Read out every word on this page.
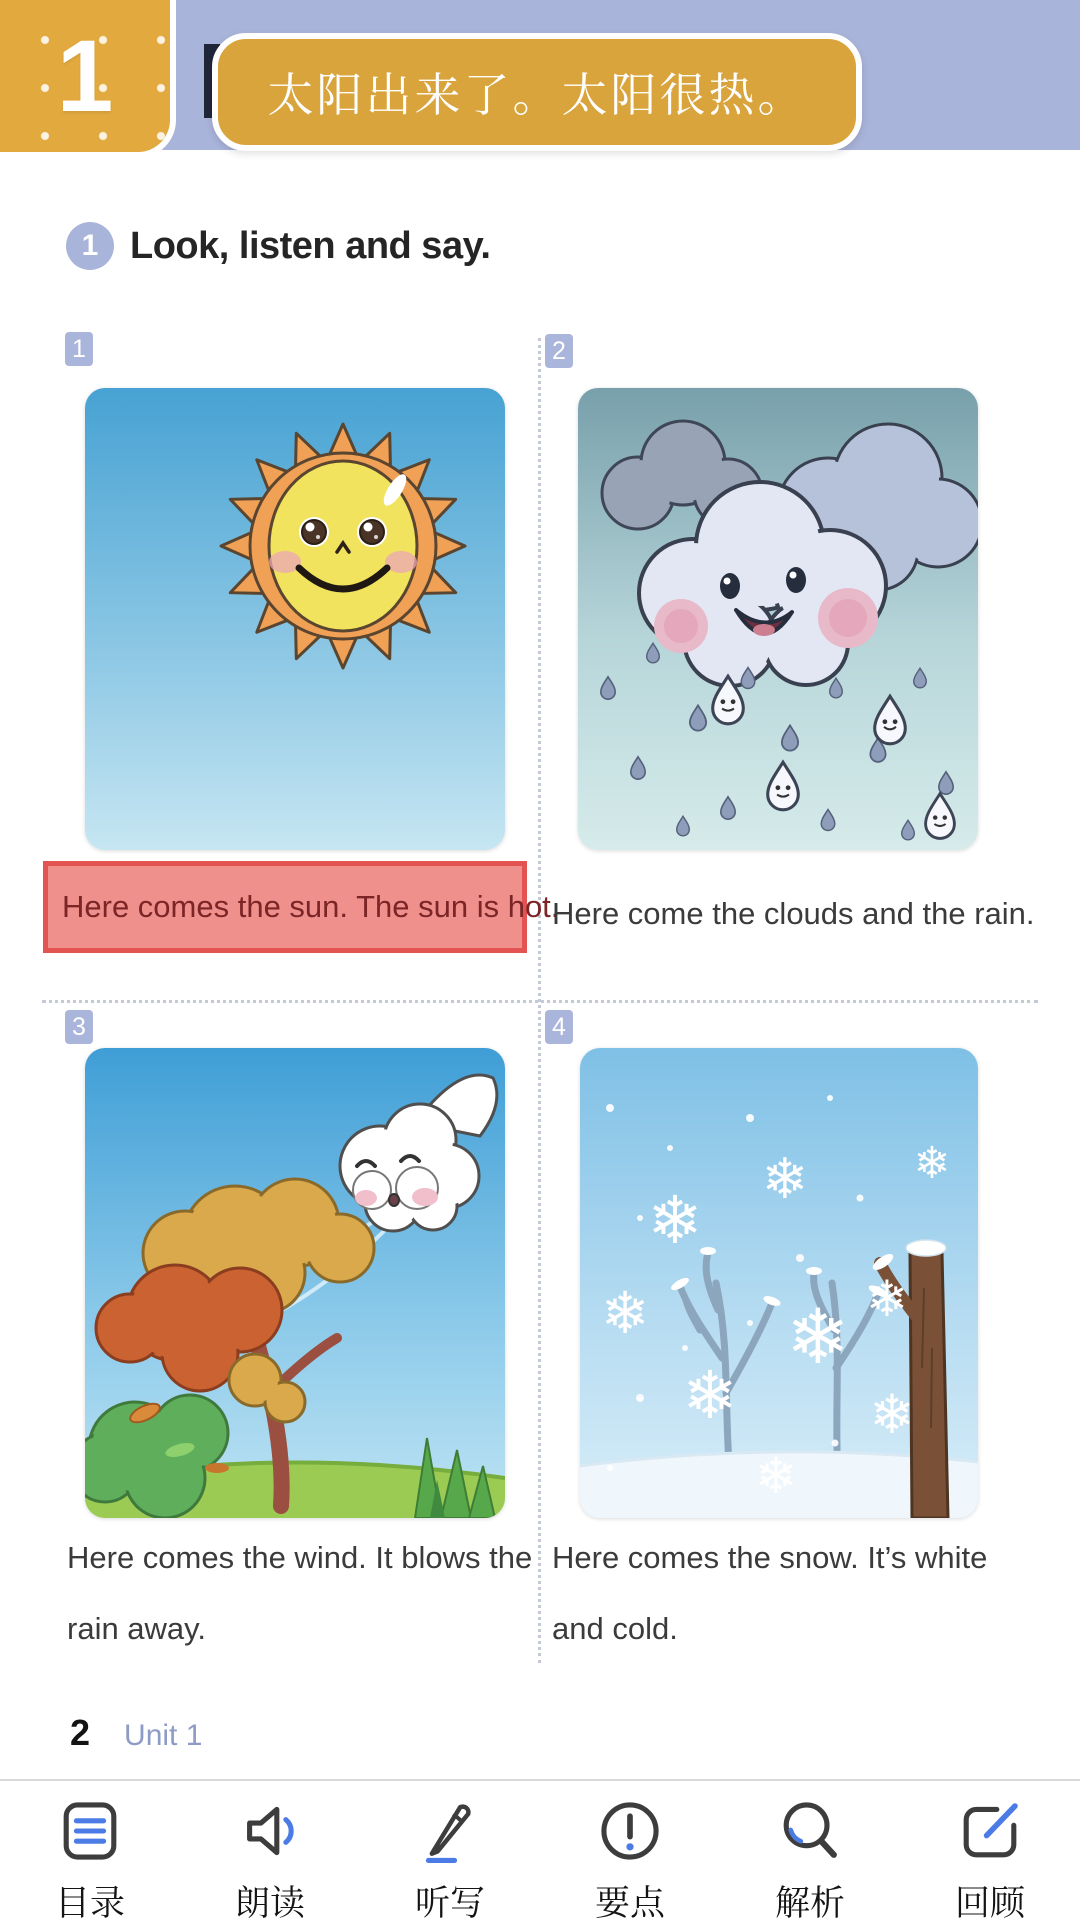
1	太阳出来了。太阳很热。
1 Look, listen and say.
1
Here comes the sun. The sun is hot.
2
Here come the clouds and the rain.
3
Here comes the wind. It blows the rain away.
4
❄
❄
❄ ❄
❄
❄
❄
❄
❄
Here comes the snow. It’s white and cold.
2 Unit 1
目录	朗读	听写	要点	解析	回顾
